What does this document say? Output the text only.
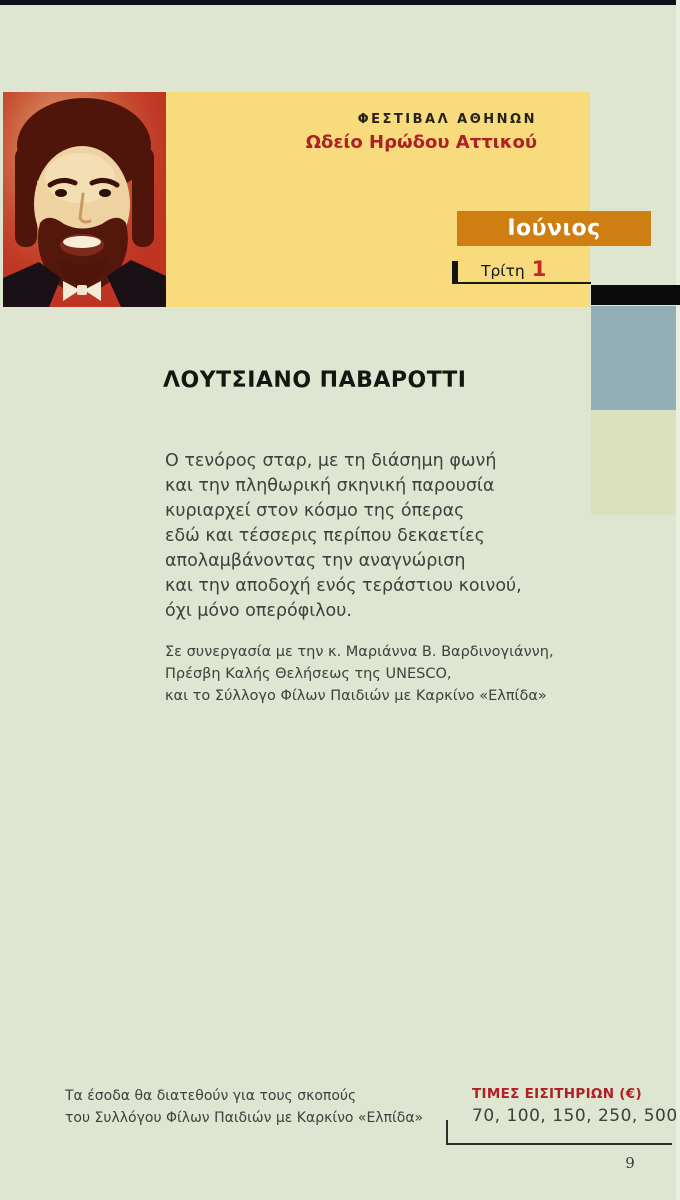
ΦΕΣΤΙΒΑΛ ΑΘΗΝΩΝ
Ωδείο Ηρώδου Αττικού
Ιούνιος
Τρίτη 1
ΛΟΥΤΣΙΑΝΟ ΠΑΒΑΡΟΤΤΙ
Ο τενόρος σταρ, με τη διάσημη φωνή
και την πληθωρική σκηνική παρουσία
κυριαρχεί στον κόσμο της όπερας
εδώ και τέσσερις περίπου δεκαετίες
απολαμβάνοντας την αναγνώριση
και την αποδοχή ενός τεράστιου κοινού,
όχι μόνο οπερόφιλου.
Σε συνεργασία με την κ. Μαριάννα Β. Βαρδινογιάννη,
Πρέσβη Καλής Θελήσεως της UNESCO,
και το Σύλλογο Φίλων Παιδιών με Καρκίνο «Ελπίδα»
Τα έσοδα θα διατεθούν για τους σκοπούς
του Συλλόγου Φίλων Παιδιών με Καρκίνο «Ελπίδα»
ΤΙΜΕΣ ΕΙΣΙΤΗΡΙΩΝ (€)
70, 100, 150, 250, 500
9
